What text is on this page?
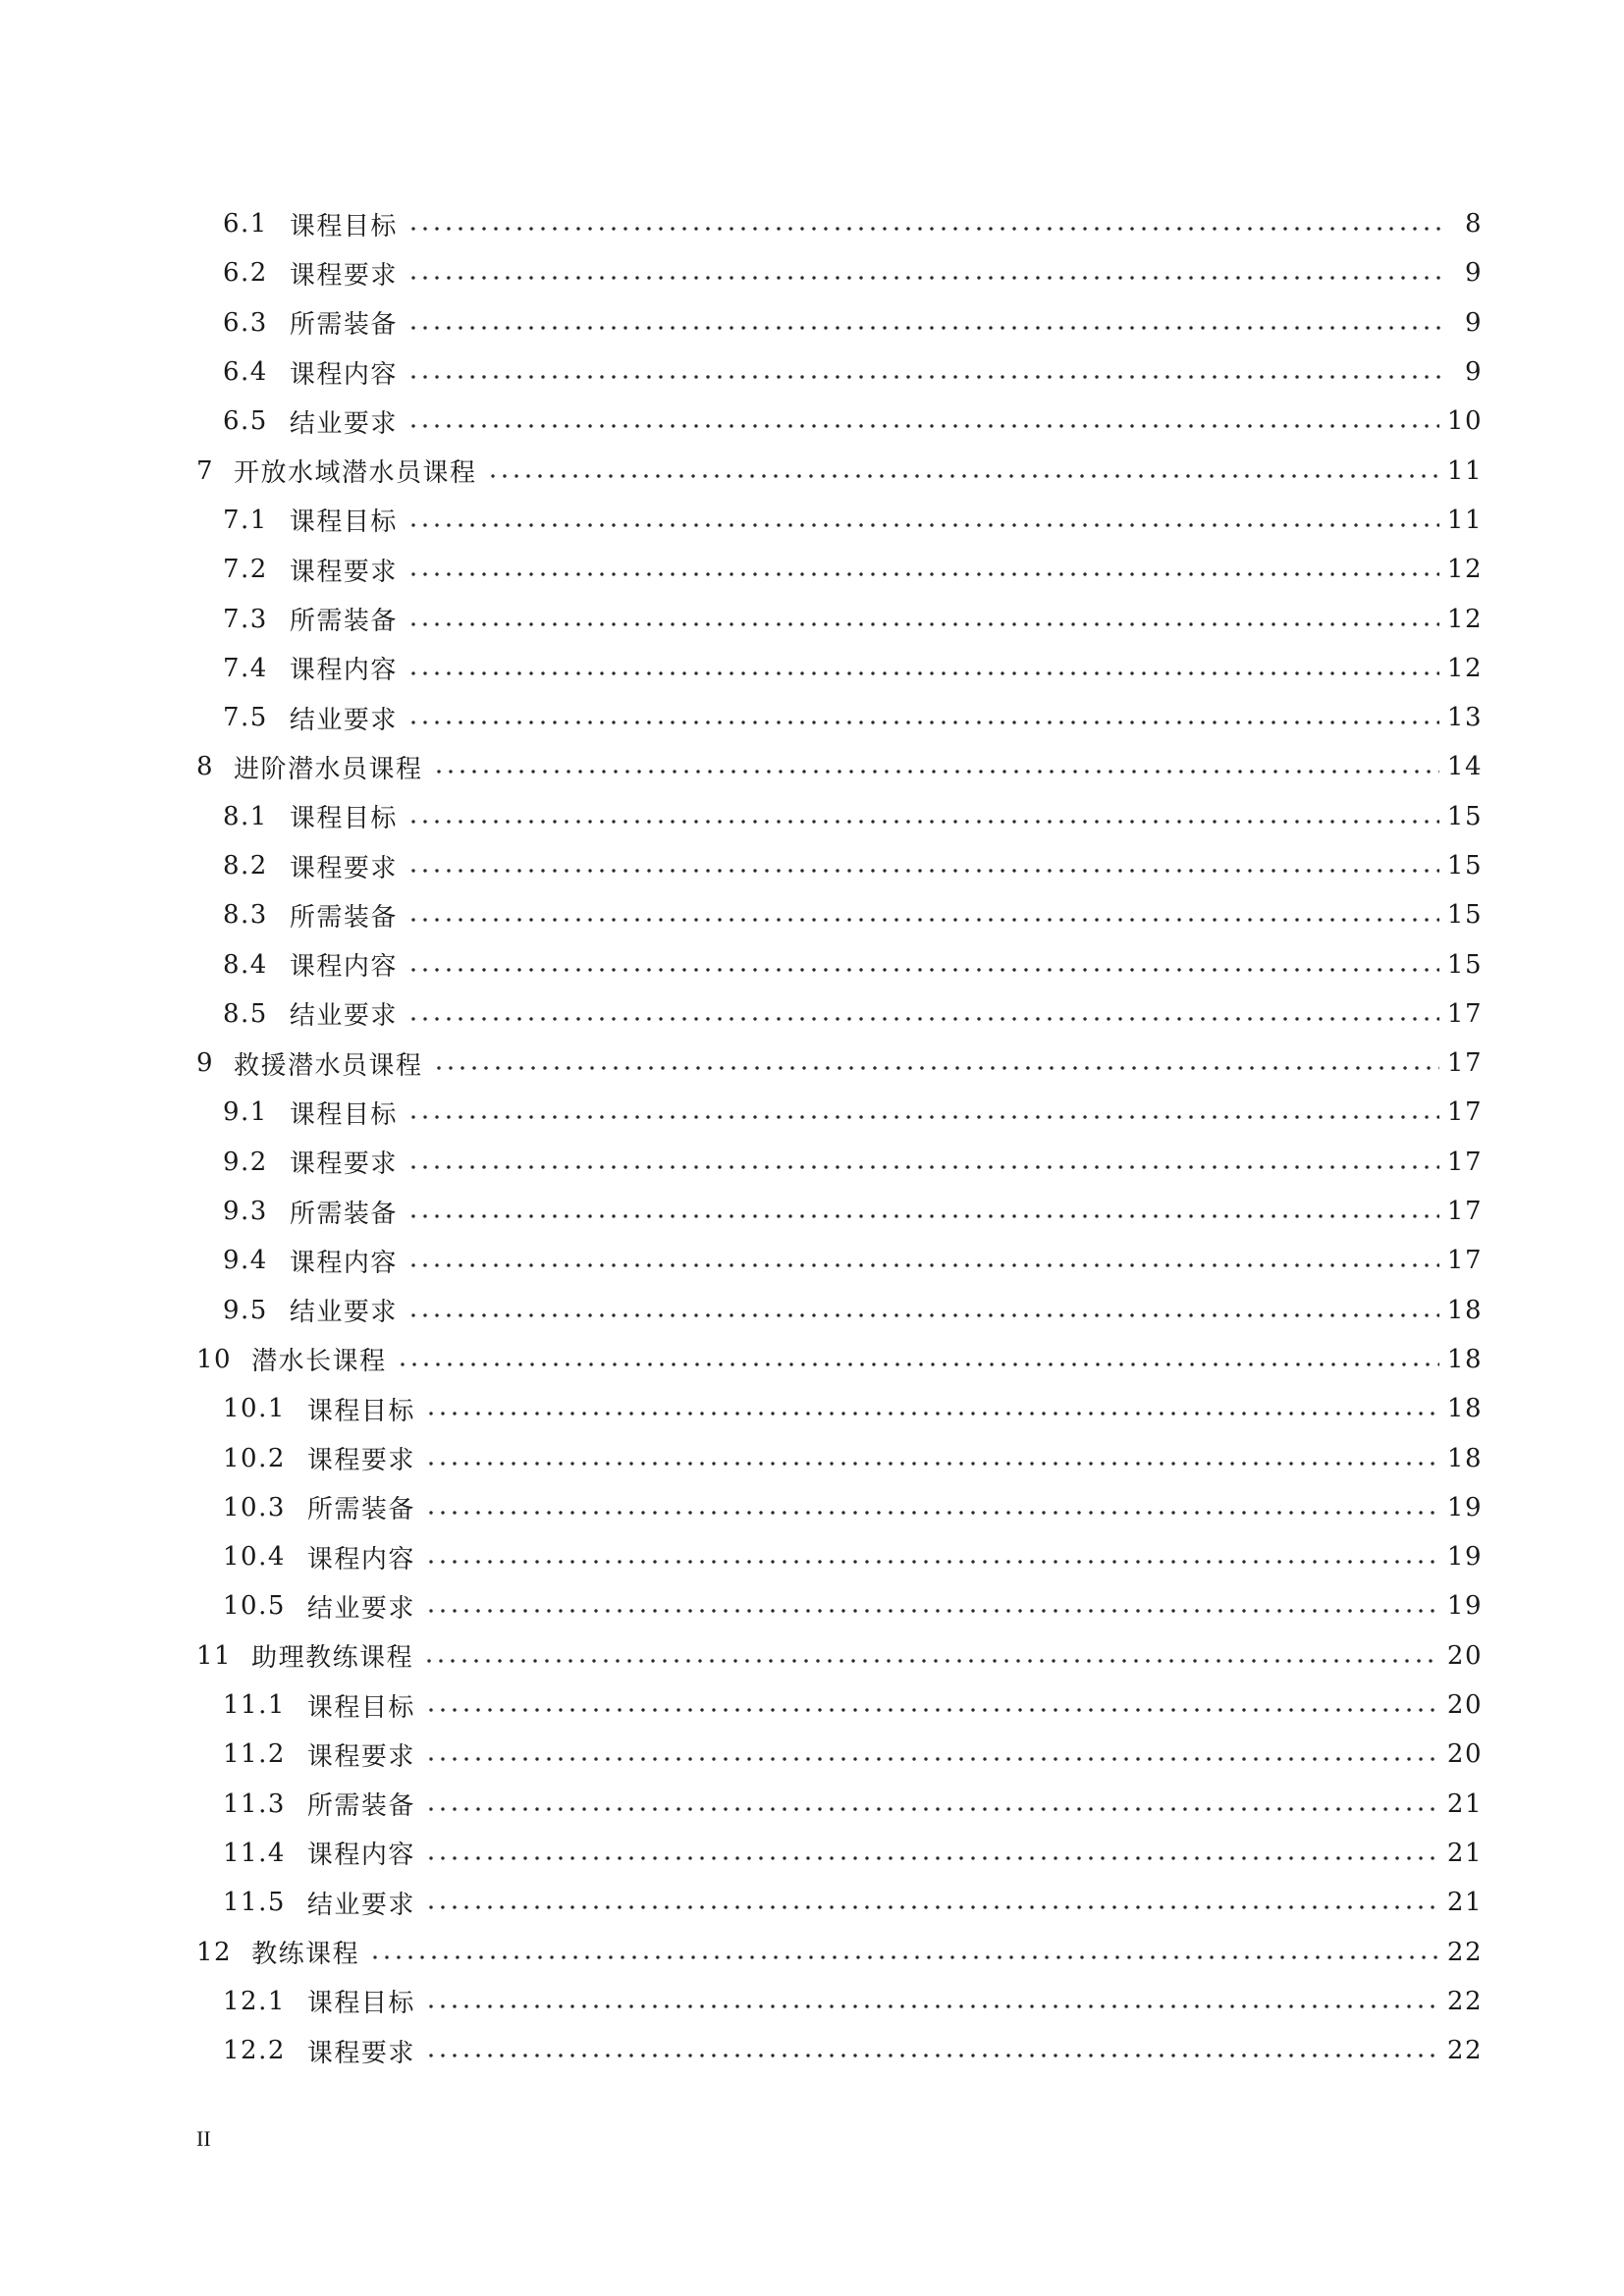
6.1 课程目标	8
6.2 课程要求	9
6.3 所需装备	9
6.4 课程内容	9
6.5 结业要求	10
7 开放水域潜水员课程	11
7.1 课程目标	11
7.2 课程要求	12
7.3 所需装备	12
7.4 课程内容	12
7.5 结业要求	13
8 进阶潜水员课程	14
8.1 课程目标	15
8.2 课程要求	15
8.3 所需装备	15
8.4 课程内容	15
8.5 结业要求	17
9 救援潜水员课程	17
9.1 课程目标	17
9.2 课程要求	17
9.3 所需装备	17
9.4 课程内容	17
9.5 结业要求	18
10 潜水长课程	18
10.1 课程目标	18
10.2 课程要求	18
10.3 所需装备	19
10.4 课程内容	19
10.5 结业要求	19
11 助理教练课程	20
11.1 课程目标	20
11.2 课程要求	20
11.3 所需装备	21
11.4 课程内容	21
11.5 结业要求	21
12 教练课程	22
12.1 课程目标	22
12.2 课程要求	22
II
